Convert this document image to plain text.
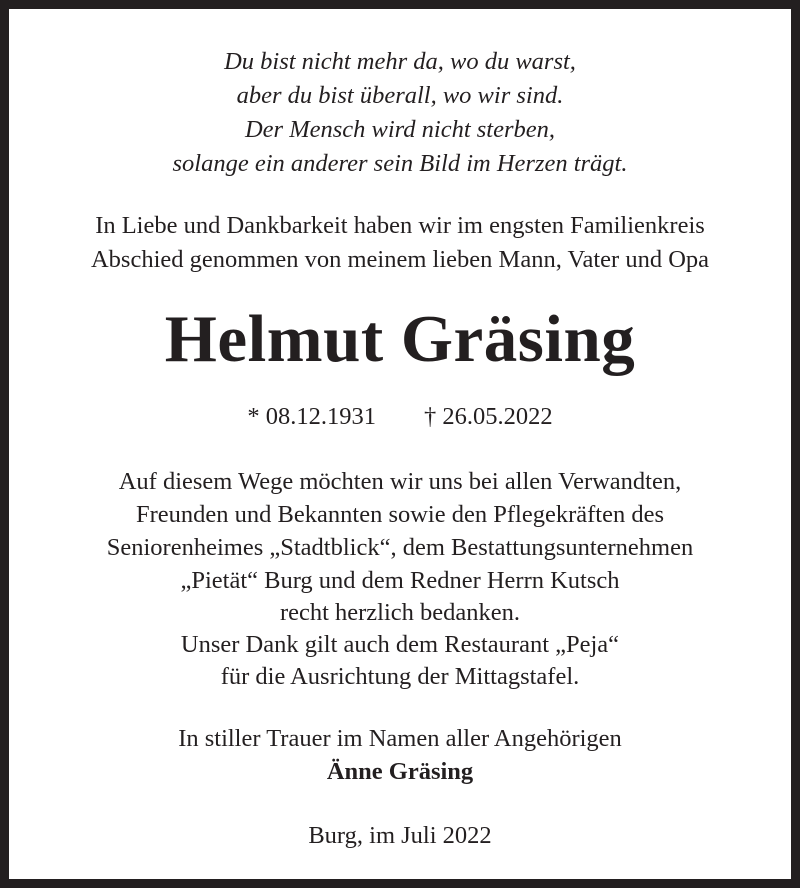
Du bist nicht mehr da, wo du warst,
aber du bist überall, wo wir sind.
Der Mensch wird nicht sterben,
solange ein anderer sein Bild im Herzen trägt.
In Liebe und Dankbarkeit haben wir im engsten Familienkreis
Abschied genommen von meinem lieben Mann, Vater und Opa
Helmut Gräsing
* 08.12.1931 † 26.05.2022
Auf diesem Wege möchten wir uns bei allen Verwandten,
Freunden und Bekannten sowie den Pflegekräften des
Seniorenheimes „Stadtblick“, dem Bestattungsunternehmen
„Pietät“ Burg und dem Redner Herrn Kutsch
recht herzlich bedanken.
Unser Dank gilt auch dem Restaurant „Peja“
für die Ausrichtung der Mittagstafel.
In stiller Trauer im Namen aller Angehörigen
Änne Gräsing
Burg, im Juli 2022
